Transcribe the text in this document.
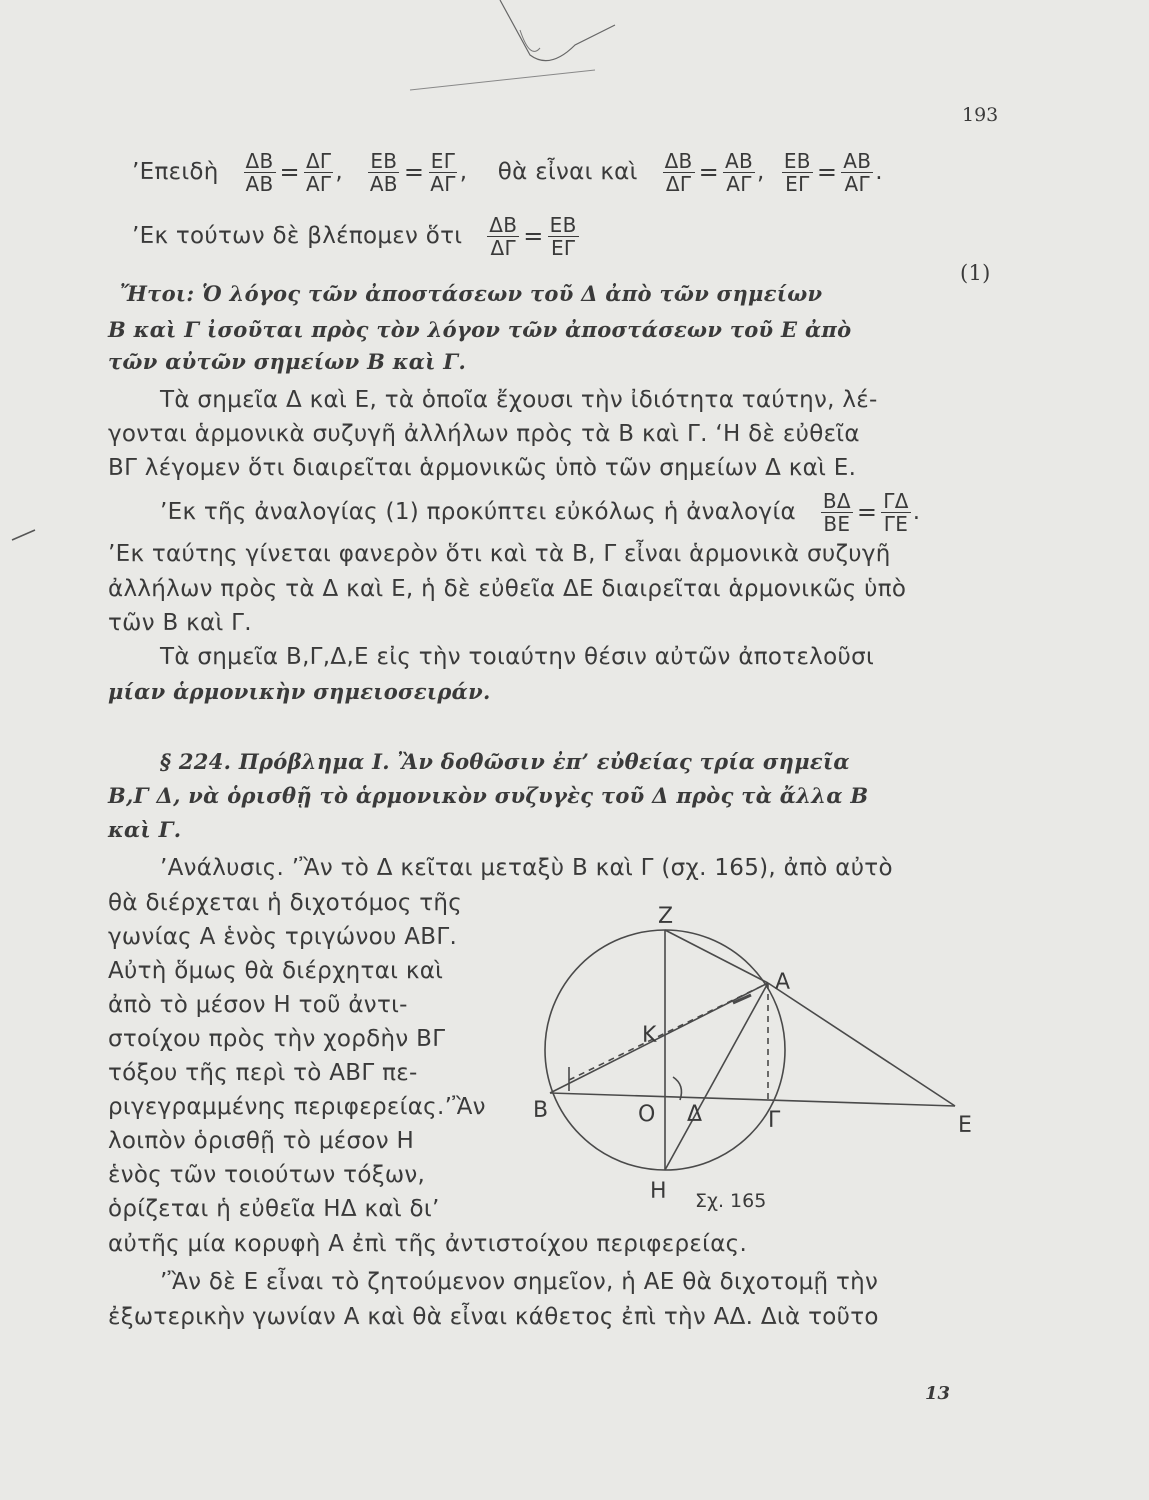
193
’Επειδὴ $\frac{\Delta B}{AB} = \frac{\Delta\Gamma}{A\Gamma}$ , $\frac{EB}{AB} = \frac{E\Gamma}{A\Gamma}$ ,    θὰ εἶναι καὶ $\frac{\Delta B}{\Delta\Gamma} = \frac{AB}{A\Gamma}$ , $\frac{EB}{E\Gamma} = \frac{AB}{A\Gamma}$ .
’Εκ τούτων δὲ βλέπομεν ὅτι $\frac{\Delta B}{\Delta\Gamma} = \frac{EB}{E\Gamma}$
(1)
Ἤτοι: Ὁ λόγος τῶν ἀποστάσεων τοῦ Δ ἀπὸ τῶν σημείων
Β καὶ Γ ἰσοῦται πρὸς τὸν λόγον τῶν ἀποστάσεων τοῦ Ε ἀπὸ
τῶν αὐτῶν σημείων Β καὶ Γ.
Τὰ σημεῖα Δ καὶ Ε, τὰ ὁποῖα ἔχουσι τὴν ἰδιότητα ταύτην, λέ-
γονται ἁρμονικὰ συζυγῆ ἀλλήλων πρὸς τὰ Β καὶ Γ. ‘Η δὲ εὐθεῖα
ΒΓ λέγομεν ὅτι διαιρεῖται ἁρμονικῶς ὑπὸ τῶν σημείων Δ καὶ Ε.
’Εκ τῆς ἀναλογίας (1) προκύπτει εὐκόλως ἡ ἀναλογία $\frac{B\Delta}{BE} = \frac{\Gamma\Delta}{\Gamma E}$ .
’Εκ ταύτης γίνεται φανερὸν ὅτι καὶ τὰ Β, Γ εἶναι ἁρμονικὰ συζυγῆ
ἀλλήλων πρὸς τὰ Δ καὶ Ε, ἡ δὲ εὐθεῖα ΔΕ διαιρεῖται ἁρμονικῶς ὑπὸ
τῶν Β καὶ Γ.
Τὰ σημεῖα Β,Γ,Δ,Ε εἰς τὴν τοιαύτην θέσιν αὐτῶν ἀποτελοῦσι
μίαν ἁρμονικὴν σημειοσειράν.
§ 224. Πρόβλημα Ι. Ἂν δοθῶσιν ἐπ’ εὐθείας τρία σημεῖα
Β,Γ Δ, νὰ ὁρισθῇ τὸ ἁρμονικὸν συζυγὲς τοῦ Δ πρὸς τὰ ἄλλα Β
καὶ Γ.
’Ανάλυσις. ’Ἂν τὸ Δ κεῖται μεταξὺ Β καὶ Γ (σχ. 165), ἀπὸ αὐτὸ
θὰ διέρχεται ἡ διχοτόμος τῆς
γωνίας Α ἑνὸς τριγώνου ΑΒΓ.
Αὐτὴ ὅμως θὰ διέρχηται καὶ
ἀπὸ τὸ μέσον Η τοῦ ἀντι-
στοίχου πρὸς τὴν χορδὴν ΒΓ
τόξου τῆς περὶ τὸ ΑΒΓ πε-
ριγεγραμμένης περιφερείας.’Ἂν
λοιπὸν ὁρισθῇ τὸ μέσον Η
ἑνὸς τῶν τοιούτων τόξων,
ὁρίζεται ἡ εὐθεῖα ΗΔ καὶ δι’
αὐτῆς μία κορυφὴ Α ἐπὶ τῆς ἀντιστοίχου περιφερείας.
’Ἂν δὲ Ε εἶναι τὸ ζητούμενον σημεῖον, ἡ ΑΕ θὰ διχοτομῇ τὴν
ἐξωτερικὴν γωνίαν Α καὶ θὰ εἶναι κάθετος ἐπὶ τὴν ΑΔ. Διὰ τοῦτο
13
Ζ
Α
Κ
Β	Ο Δ	Γ	Ε
Η Σχ. 165
